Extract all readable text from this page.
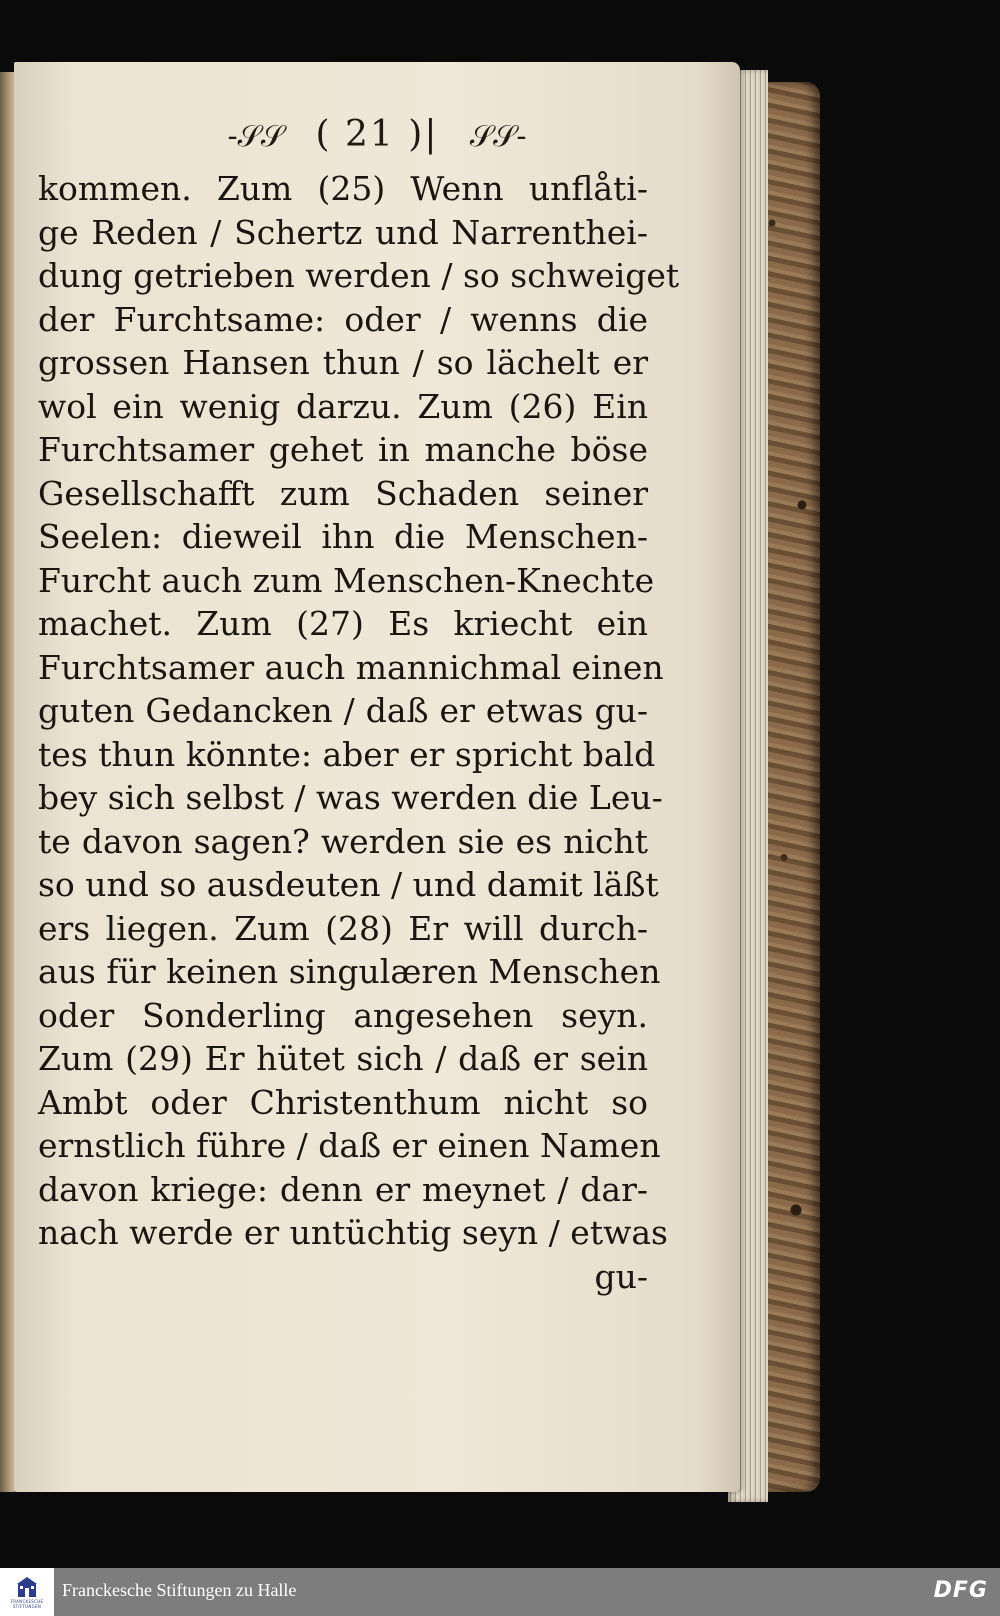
-𝒮𝒮 ( 21 )| 𝒮𝒮-
kommen. Zum (25) Wenn unflåti-
ge Reden / Schertz und Narrenthei-
dung getrieben werden / so schweiget
der Furchtsame: oder / wenns die
grossen Hansen thun / so lächelt er
wol ein wenig darzu. Zum (26) Ein
Furchtsamer gehet in manche böse
Gesellschafft zum Schaden seiner
Seelen: dieweil ihn die Menschen-
Furcht auch zum Menschen-Knechte
machet. Zum (27) Es kriecht ein
Furchtsamer auch mannichmal einen
guten Gedancken / daß er etwas gu-
tes thun könnte: aber er spricht bald
bey sich selbst / was werden die Leu-
te davon sagen? werden sie es nicht
so und so ausdeuten / und damit läßt
ers liegen. Zum (28) Er will durch-
aus für keinen singulæren Menschen
oder Sonderling angesehen seyn.
Zum (29) Er hütet sich / daß er sein
Ambt oder Christenthum nicht so
ernstlich führe / daß er einen Namen
davon kriege: denn er meynet / dar-
nach werde er untüchtig seyn / etwas
gu-
FRANCKESCHE STIFTUNGEN
Franckesche Stiftungen zu Halle	DFG
